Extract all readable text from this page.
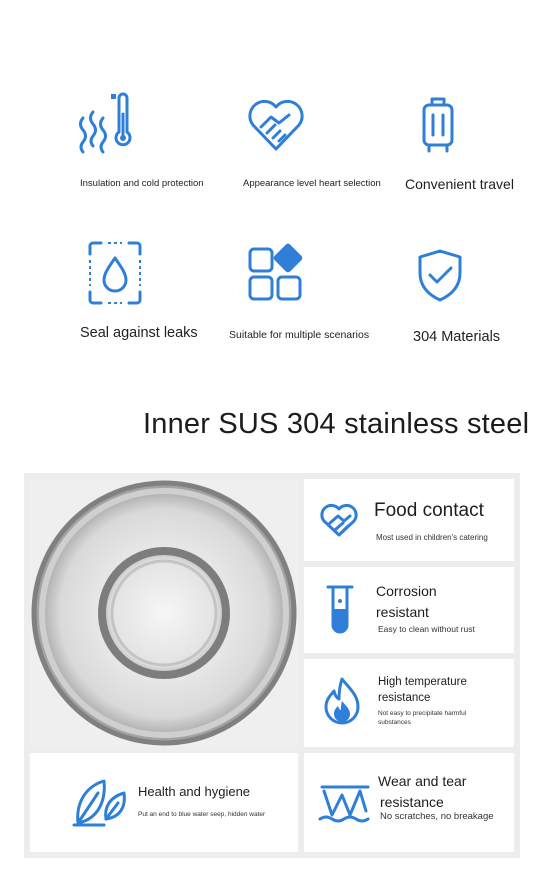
Insulation and cold protection	Appearance level heart selection Convenient travel
Seal against leaks	Suitable for multiple scenarios	304 Materials
Inner SUS 304 stainless steel
Food contact
Most used in children's catering
Corrosion
resistant
Easy to clean without rust
High temperature
resistance
Not easy to precipitate harmful
substances
Health and hygiene
Put an end to blue water seep, hidden water
Wear and tear
resistance
No scratches, no breakage
